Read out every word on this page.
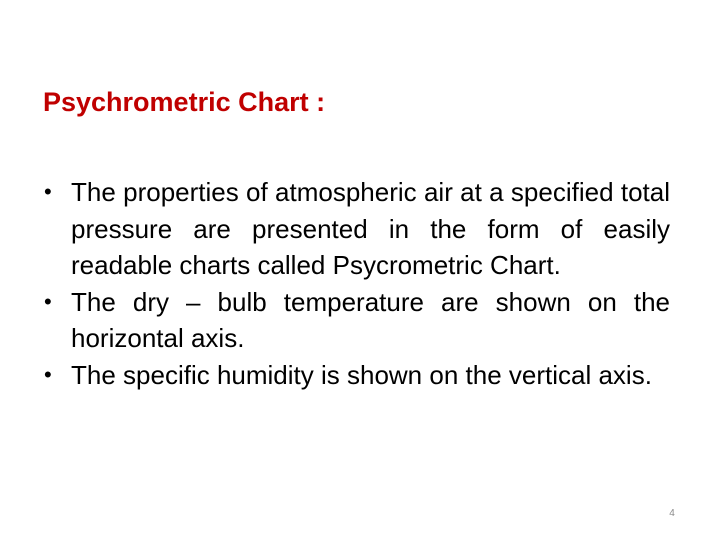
Psychrometric Chart :
• The properties of atmospheric air at a specified total pressure are presented in the form of easily readable charts called Psycrometric Chart.
• The dry – bulb temperature are shown on the horizontal axis.
• The specific humidity is shown on the vertical axis.
4
